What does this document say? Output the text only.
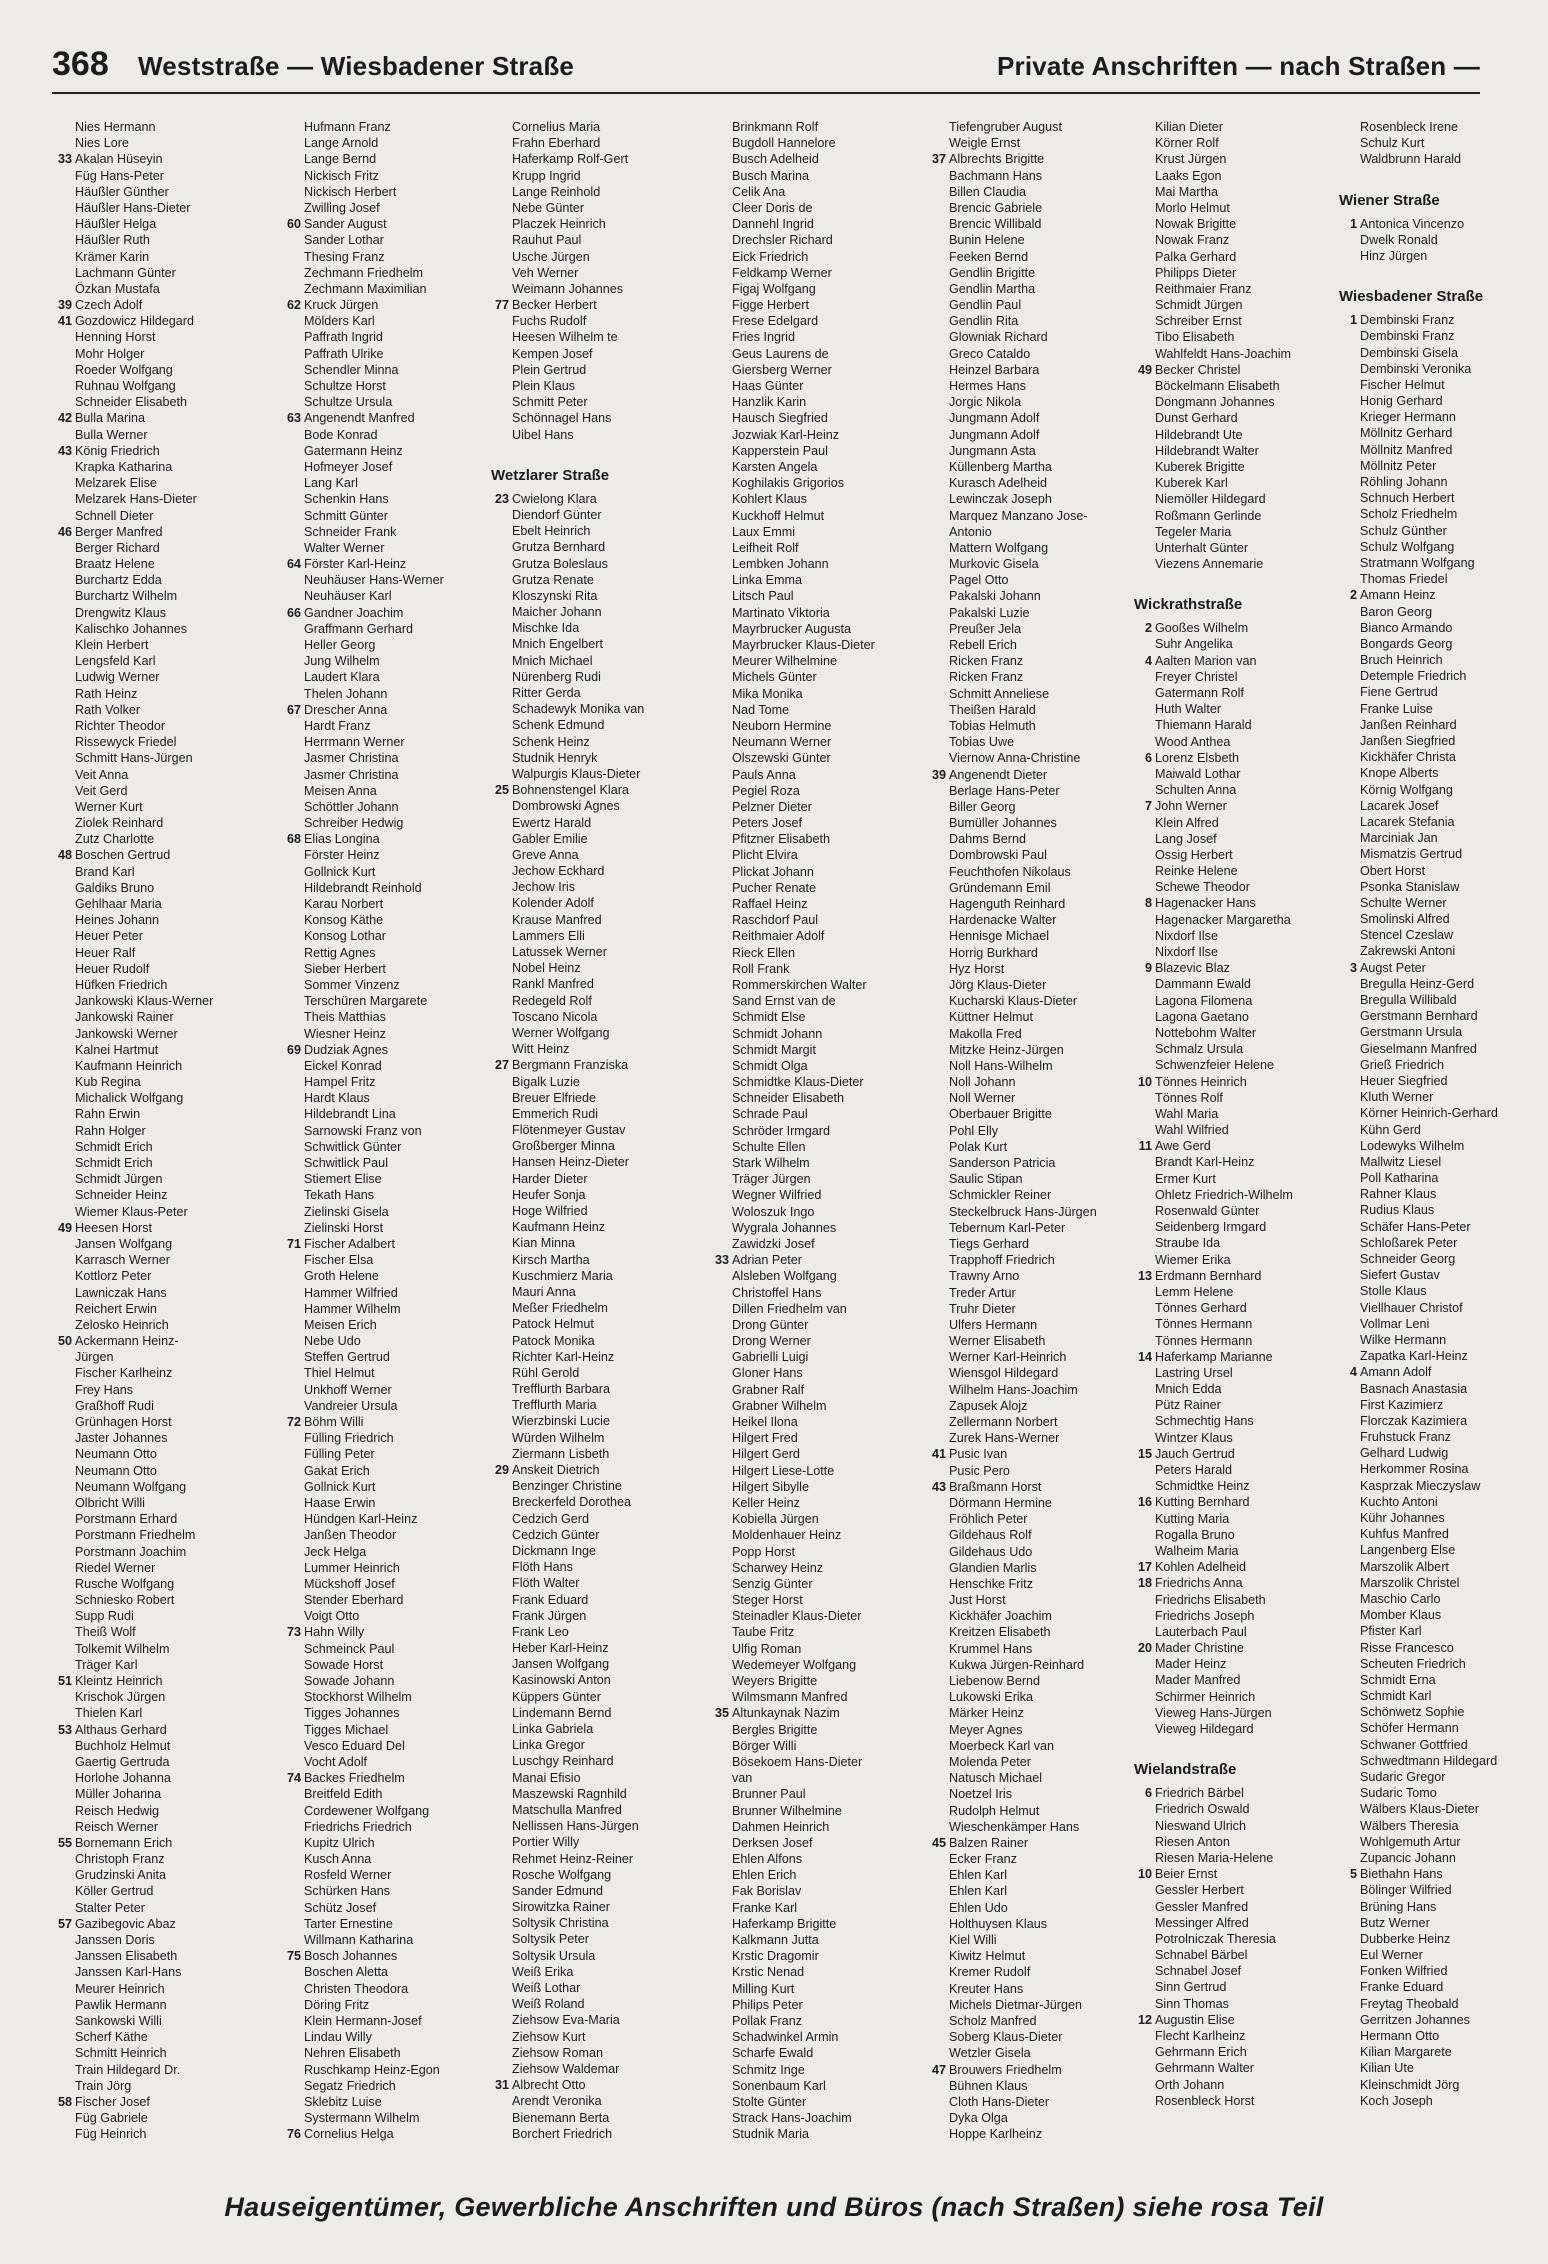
368 Weststraße — Wiesbadener Straße	Private Anschriften — nach Straßen —
Nies Hermann
Nies Lore
33 Akalan Hüseyin
Füg Hans-Peter
Häußler Günther
Häußler Hans-Dieter
Häußler Helga
Häußler Ruth
Krämer Karin
Lachmann Günter
Özkan Mustafa
39 Czech Adolf
41 Gozdowicz Hildegard
Henning Horst
Mohr Holger
Roeder Wolfgang
Ruhnau Wolfgang
Schneider Elisabeth
42 Bulla Marina
Bulla Werner
43 König Friedrich
Krapka Katharina
Melzarek Elise
Melzarek Hans-Dieter
Schnell Dieter
46 Berger Manfred
Berger Richard
Braatz Helene
Burchartz Edda
Burchartz Wilhelm
Drengwitz Klaus
Kalischko Johannes
Klein Herbert
Lengsfeld Karl
Ludwig Werner
Rath Heinz
Rath Volker
Richter Theodor
Rissewyck Friedel
Schmitt Hans-Jürgen
Veit Anna
Veit Gerd
Werner Kurt
Ziolek Reinhard
Zutz Charlotte
48 Boschen Gertrud
Brand Karl
Galdiks Bruno
Gehlhaar Maria
Heines Johann
Heuer Peter
Heuer Ralf
Heuer Rudolf
Hüfken Friedrich
Jankowski Klaus-Werner
Jankowski Rainer
Jankowski Werner
Kalnei Hartmut
Kaufmann Heinrich
Kub Regina
Michalick Wolfgang
Rahn Erwin
Rahn Holger
Schmidt Erich
Schmidt Erich
Schmidt Jürgen
Schneider Heinz
Wiemer Klaus-Peter
49 Heesen Horst
Jansen Wolfgang
Karrasch Werner
Kottlorz Peter
Lawniczak Hans
Reichert Erwin
Zelosko Heinrich
50 Ackermann Heinz-
Jürgen
Fischer Karlheinz
Frey Hans
Graßhoff Rudi
Grünhagen Horst
Jaster Johannes
Neumann Otto
Neumann Otto
Neumann Wolfgang
Olbricht Willi
Porstmann Erhard
Porstmann Friedhelm
Porstmann Joachim
Riedel Werner
Rusche Wolfgang
Schniesko Robert
Supp Rudi
Theiß Wolf
Tolkemit Wilhelm
Träger Karl
51 Kleintz Heinrich
Krischok Jürgen
Thielen Karl
53 Althaus Gerhard
Buchholz Helmut
Gaertig Gertruda
Horlohe Johanna
Müller Johanna
Reisch Hedwig
Reisch Werner
55 Bornemann Erich
Christoph Franz
Grudzinski Anita
Köller Gertrud
Stalter Peter
57 Gazibegovic Abaz
Janssen Doris
Janssen Elisabeth
Janssen Karl-Hans
Meurer Heinrich
Pawlik Hermann
Sankowski Willi
Scherf Käthe
Schmitt Heinrich
Train Hildegard Dr.
Train Jörg
58 Fischer Josef
Füg Gabriele
Füg Heinrich
Hufmann Franz
Lange Arnold
Lange Bernd
Nickisch Fritz
Nickisch Herbert
Zwilling Josef
60 Sander August
Sander Lothar
Thesing Franz
Zechmann Friedhelm
Zechmann Maximilian
62 Kruck Jürgen
Mölders Karl
Paffrath Ingrid
Paffrath Ulrike
Schendler Minna
Schultze Horst
Schultze Ursula
63 Angenendt Manfred
Bode Konrad
Gatermann Heinz
Hofmeyer Josef
Lang Karl
Schenkin Hans
Schmitt Günter
Schneider Frank
Walter Werner
64 Förster Karl-Heinz
Neuhäuser Hans-Werner
Neuhäuser Karl
66 Gandner Joachim
Graffmann Gerhard
Heller Georg
Jung Wilhelm
Laudert Klara
Thelen Johann
67 Drescher Anna
Hardt Franz
Herrmann Werner
Jasmer Christina
Jasmer Christina
Meisen Anna
Schöttler Johann
Schreiber Hedwig
68 Elias Longina
Förster Heinz
Gollnick Kurt
Hildebrandt Reinhold
Karau Norbert
Konsog Käthe
Konsog Lothar
Rettig Agnes
Sieber Herbert
Sommer Vinzenz
Terschüren Margarete
Theis Matthias
Wiesner Heinz
69 Dudziak Agnes
Eickel Konrad
Hampel Fritz
Hardt Klaus
Hildebrandt Lina
Sarnowski Franz von
Schwitlick Günter
Schwitlick Paul
Stiemert Elise
Tekath Hans
Zielinski Gisela
Zielinski Horst
71 Fischer Adalbert
Fischer Elsa
Groth Helene
Hammer Wilfried
Hammer Wilhelm
Meisen Erich
Nebe Udo
Steffen Gertrud
Thiel Helmut
Unkhoff Werner
Vandreier Ursula
72 Böhm Willi
Fülling Friedrich
Fülling Peter
Gakat Erich
Gollnick Kurt
Haase Erwin
Hündgen Karl-Heinz
Janßen Theodor
Jeck Helga
Lummer Heinrich
Mückshoff Josef
Stender Eberhard
Voigt Otto
73 Hahn Willy
Schmeinck Paul
Sowade Horst
Sowade Johann
Stockhorst Wilhelm
Tigges Johannes
Tigges Michael
Vesco Eduard Del
Vocht Adolf
74 Backes Friedhelm
Breitfeld Edith
Cordewener Wolfgang
Friedrichs Friedrich
Kupitz Ulrich
Kusch Anna
Rosfeld Werner
Schürken Hans
Schütz Josef
Tarter Ernestine
Willmann Katharina
75 Bosch Johannes
Boschen Aletta
Christen Theodora
Döring Fritz
Klein Hermann-Josef
Lindau Willy
Nehren Elisabeth
Ruschkamp Heinz-Egon
Segatz Friedrich
Sklebitz Luise
Systermann Wilhelm
76 Cornelius Helga
Cornelius Maria
Frahn Eberhard
Haferkamp Rolf-Gert
Krupp Ingrid
Lange Reinhold
Nebe Günter
Placzek Heinrich
Rauhut Paul
Usche Jürgen
Veh Werner
Weimann Johannes
77 Becker Herbert
Fuchs Rudolf
Heesen Wilhelm te
Kempen Josef
Plein Gertrud
Plein Klaus
Schmitt Peter
Schönnagel Hans
Uibel Hans
Wetzlarer Straße
23 Cwielong Klara
Diendorf Günter
Ebelt Heinrich
Grutza Bernhard
Grutza Boleslaus
Grutza Renate
Kloszynski Rita
Maicher Johann
Mischke Ida
Mnich Engelbert
Mnich Michael
Nürenberg Rudi
Ritter Gerda
Schadewyk Monika van
Schenk Edmund
Schenk Heinz
Studnik Henryk
Walpurgis Klaus-Dieter
25 Bohnenstengel Klara
Dombrowski Agnes
Ewertz Harald
Gabler Emilie
Greve Anna
Jechow Eckhard
Jechow Iris
Kolender Adolf
Krause Manfred
Lammers Elli
Latussek Werner
Nobel Heinz
Rankl Manfred
Redegeld Rolf
Toscano Nicola
Werner Wolfgang
Witt Heinz
27 Bergmann Franziska
Bigalk Luzie
Breuer Elfriede
Emmerich Rudi
Flötenmeyer Gustav
Großberger Minna
Hansen Heinz-Dieter
Harder Dieter
Heufer Sonja
Hoge Wilfried
Kaufmann Heinz
Kian Minna
Kirsch Martha
Kuschmierz Maria
Mauri Anna
Meßer Friedhelm
Patock Helmut
Patock Monika
Richter Karl-Heinz
Rühl Gerold
Trefflurth Barbara
Trefflurth Maria
Wierzbinski Lucie
Würden Wilhelm
Ziermann Lisbeth
29 Anskeit Dietrich
Benzinger Christine
Breckerfeld Dorothea
Cedzich Gerd
Cedzich Günter
Dickmann Inge
Flöth Hans
Flöth Walter
Frank Eduard
Frank Jürgen
Frank Leo
Heber Karl-Heinz
Jansen Wolfgang
Kasinowski Anton
Küppers Günter
Lindemann Bernd
Linka Gabriela
Linka Gregor
Luschgy Reinhard
Manai Efisio
Maszewski Ragnhild
Matschulla Manfred
Nellissen Hans-Jürgen
Portier Willy
Rehmet Heinz-Reiner
Rosche Wolfgang
Sander Edmund
Sirowitzka Rainer
Soltysik Christina
Soltysik Peter
Soltysik Ursula
Weiß Erika
Weiß Lothar
Weiß Roland
Ziehsow Eva-Maria
Ziehsow Kurt
Ziehsow Roman
Ziehsow Waldemar
31 Albrecht Otto
Arendt Veronika
Bienemann Berta
Borchert Friedrich
Brinkmann Rolf
Bugdoll Hannelore
Busch Adelheid
Busch Marina
Celik Ana
Cleer Doris de
Dannehl Ingrid
Drechsler Richard
Eick Friedrich
Feldkamp Werner
Figaj Wolfgang
Figge Herbert
Frese Edelgard
Fries Ingrid
Geus Laurens de
Giersberg Werner
Haas Günter
Hanzlik Karin
Hausch Siegfried
Jozwiak Karl-Heinz
Kapperstein Paul
Karsten Angela
Koghilakis Grigorios
Kohlert Klaus
Kuckhoff Helmut
Laux Emmi
Leifheit Rolf
Lembken Johann
Linka Emma
Litsch Paul
Martinato Viktoria
Mayrbrucker Augusta
Mayrbrucker Klaus-Dieter
Meurer Wilhelmine
Michels Günter
Mika Monika
Nad Tome
Neuborn Hermine
Neumann Werner
Olszewski Günter
Pauls Anna
Pegiel Roza
Pelzner Dieter
Peters Josef
Pfitzner Elisabeth
Plicht Elvira
Plickat Johann
Pucher Renate
Raffael Heinz
Raschdorf Paul
Reithmaier Adolf
Rieck Ellen
Roll Frank
Rommerskirchen Walter
Sand Ernst van de
Schmidt Else
Schmidt Johann
Schmidt Margit
Schmidt Olga
Schmidtke Klaus-Dieter
Schneider Elisabeth
Schrade Paul
Schröder Irmgard
Schulte Ellen
Stark Wilhelm
Träger Jürgen
Wegner Wilfried
Woloszuk Ingo
Wygrala Johannes
Zawidzki Josef
33 Adrian Peter
Alsleben Wolfgang
Christoffel Hans
Dillen Friedhelm van
Drong Günter
Drong Werner
Gabrielli Luigi
Gloner Hans
Grabner Ralf
Grabner Wilhelm
Heikel Ilona
Hilgert Fred
Hilgert Gerd
Hilgert Liese-Lotte
Hilgert Sibylle
Keller Heinz
Kobiella Jürgen
Moldenhauer Heinz
Popp Horst
Scharwey Heinz
Senzig Günter
Steger Horst
Steinadler Klaus-Dieter
Taube Fritz
Ulfig Roman
Wedemeyer Wolfgang
Weyers Brigitte
Wilmsmann Manfred
35 Altunkaynak Nazim
Bergles Brigitte
Börger Willi
Bösekoem Hans-Dieter
van
Brunner Paul
Brunner Wilhelmine
Dahmen Heinrich
Derksen Josef
Ehlen Alfons
Ehlen Erich
Fak Borislav
Franke Karl
Haferkamp Brigitte
Kalkmann Jutta
Krstic Dragomir
Krstic Nenad
Milling Kurt
Philips Peter
Pollak Franz
Schadwinkel Armin
Scharfe Ewald
Schmitz Inge
Sonenbaum Karl
Stolte Günter
Strack Hans-Joachim
Studnik Maria
Tiefengruber August
Weigle Ernst
37 Albrechts Brigitte
Bachmann Hans
Billen Claudia
Brencic Gabriele
Brencic Willibald
Bunin Helene
Feeken Bernd
Gendlin Brigitte
Gendlin Martha
Gendlin Paul
Gendlin Rita
Glowniak Richard
Greco Cataldo
Heinzel Barbara
Hermes Hans
Jorgic Nikola
Jungmann Adolf
Jungmann Adolf
Jungmann Asta
Küllenberg Martha
Kurasch Adelheid
Lewinczak Joseph
Marquez Manzano Jose-
Antonio
Mattern Wolfgang
Murkovic Gisela
Pagel Otto
Pakalski Johann
Pakalski Luzie
Preußer Jela
Rebell Erich
Ricken Franz
Ricken Franz
Schmitt Anneliese
Theißen Harald
Tobias Helmuth
Tobias Uwe
Viernow Anna-Christine
39 Angenendt Dieter
Berlage Hans-Peter
Biller Georg
Bumüller Johannes
Dahms Bernd
Dombrowski Paul
Feuchthofen Nikolaus
Gründemann Emil
Hagenguth Reinhard
Hardenacke Walter
Hennisge Michael
Horrig Burkhard
Hyz Horst
Jörg Klaus-Dieter
Kucharski Klaus-Dieter
Küttner Helmut
Makolla Fred
Mitzke Heinz-Jürgen
Noll Hans-Wilhelm
Noll Johann
Noll Werner
Oberbauer Brigitte
Pohl Elly
Polak Kurt
Sanderson Patricia
Saulic Stipan
Schmickler Reiner
Steckelbruck Hans-Jürgen
Tebernum Karl-Peter
Tiegs Gerhard
Trapphoff Friedrich
Trawny Arno
Treder Artur
Truhr Dieter
Ulfers Hermann
Werner Elisabeth
Werner Karl-Heinrich
Wiensgol Hildegard
Wilhelm Hans-Joachim
Zapusek Alojz
Zellermann Norbert
Zurek Hans-Werner
41 Pusic Ivan
Pusic Pero
43 Braßmann Horst
Dörmann Hermine
Fröhlich Peter
Gildehaus Rolf
Gildehaus Udo
Glandien Marlis
Henschke Fritz
Just Horst
Kickhäfer Joachim
Kreitzen Elisabeth
Krummel Hans
Kukwa Jürgen-Reinhard
Liebenow Bernd
Lukowski Erika
Märker Heinz
Meyer Agnes
Moerbeck Karl van
Molenda Peter
Natusch Michael
Noetzel Iris
Rudolph Helmut
Wieschenkämper Hans
45 Balzen Rainer
Ecker Franz
Ehlen Karl
Ehlen Karl
Ehlen Udo
Holthuysen Klaus
Kiel Willi
Kiwitz Helmut
Kremer Rudolf
Kreuter Hans
Michels Dietmar-Jürgen
Scholz Manfred
Soberg Klaus-Dieter
Wetzler Gisela
47 Brouwers Friedhelm
Bühnen Klaus
Cloth Hans-Dieter
Dyka Olga
Hoppe Karlheinz
Kilian Dieter
Körner Rolf
Krust Jürgen
Laaks Egon
Mai Martha
Morlo Helmut
Nowak Brigitte
Nowak Franz
Palka Gerhard
Philipps Dieter
Reithmaier Franz
Schmidt Jürgen
Schreiber Ernst
Tibo Elisabeth
Wahlfeldt Hans-Joachim
49 Becker Christel
Böckelmann Elisabeth
Dongmann Johannes
Dunst Gerhard
Hildebrandt Ute
Hildebrandt Walter
Kuberek Brigitte
Kuberek Karl
Niemöller Hildegard
Roßmann Gerlinde
Tegeler Maria
Unterhalt Günter
Viezens Annemarie
Wickrathstraße
2 Gooßes Wilhelm
Suhr Angelika
4 Aalten Marion van
Freyer Christel
Gatermann Rolf
Huth Walter
Thiemann Harald
Wood Anthea
6 Lorenz Elsbeth
Maiwald Lothar
Schulten Anna
7 John Werner
Klein Alfred
Lang Josef
Ossig Herbert
Reinke Helene
Schewe Theodor
8 Hagenacker Hans
Hagenacker Margaretha
Nixdorf Ilse
Nixdorf Ilse
9 Blazevic Blaz
Dammann Ewald
Lagona Filomena
Lagona Gaetano
Nottebohm Walter
Schmalz Ursula
Schwenzfeier Helene
10 Tönnes Heinrich
Tönnes Rolf
Wahl Maria
Wahl Wilfried
11 Awe Gerd
Brandt Karl-Heinz
Ermer Kurt
Ohletz Friedrich-Wilhelm
Rosenwald Günter
Seidenberg Irmgard
Straube Ida
Wiemer Erika
13 Erdmann Bernhard
Lemm Helene
Tönnes Gerhard
Tönnes Hermann
Tönnes Hermann
14 Haferkamp Marianne
Lastring Ursel
Mnich Edda
Pütz Rainer
Schmechtig Hans
Wintzer Klaus
15 Jauch Gertrud
Peters Harald
Schmidtke Heinz
16 Kutting Bernhard
Kutting Maria
Rogalla Bruno
Walheim Maria
17 Kohlen Adelheid
18 Friedrichs Anna
Friedrichs Elisabeth
Friedrichs Joseph
Lauterbach Paul
20 Mader Christine
Mader Heinz
Mader Manfred
Schirmer Heinrich
Vieweg Hans-Jürgen
Vieweg Hildegard
Wielandstraße
6 Friedrich Bärbel
Friedrich Oswald
Nieswand Ulrich
Riesen Anton
Riesen Maria-Helene
10 Beier Ernst
Gessler Herbert
Gessler Manfred
Messinger Alfred
Potrolniczak Theresia
Schnabel Bärbel
Schnabel Josef
Sinn Gertrud
Sinn Thomas
12 Augustin Elise
Flecht Karlheinz
Gehrmann Erich
Gehrmann Walter
Orth Johann
Rosenbleck Horst
Rosenbleck Irene
Schulz Kurt
Waldbrunn Harald
Wiener Straße
1 Antonica Vincenzo
Dwelk Ronald
Hinz Jürgen
Wiesbadener Straße
1 Dembinski Franz
Dembinski Franz
Dembinski Gisela
Dembinski Veronika
Fischer Helmut
Honig Gerhard
Krieger Hermann
Möllnitz Gerhard
Möllnitz Manfred
Möllnitz Peter
Röhling Johann
Schnuch Herbert
Scholz Friedhelm
Schulz Günther
Schulz Wolfgang
Stratmann Wolfgang
Thomas Friedel
2 Amann Heinz
Baron Georg
Bianco Armando
Bongards Georg
Bruch Heinrich
Detemple Friedrich
Fiene Gertrud
Franke Luise
Janßen Reinhard
Janßen Siegfried
Kickhäfer Christa
Knope Alberts
Körnig Wolfgang
Lacarek Josef
Lacarek Stefania
Marciniak Jan
Mismatzis Gertrud
Obert Horst
Psonka Stanislaw
Schulte Werner
Smolinski Alfred
Stencel Czeslaw
Zakrewski Antoni
3 Augst Peter
Bregulla Heinz-Gerd
Bregulla Willibald
Gerstmann Bernhard
Gerstmann Ursula
Gieselmann Manfred
Grieß Friedrich
Heuer Siegfried
Kluth Werner
Körner Heinrich-Gerhard
Kühn Gerd
Lodewyks Wilhelm
Mallwitz Liesel
Poll Katharina
Rahner Klaus
Rudius Klaus
Schäfer Hans-Peter
Schloßarek Peter
Schneider Georg
Siefert Gustav
Stolle Klaus
Viellhauer Christof
Vollmar Leni
Wilke Hermann
Zapatka Karl-Heinz
4 Amann Adolf
Basnach Anastasia
First Kazimierz
Florczak Kazimiera
Fruhstuck Franz
Gelhard Ludwig
Herkommer Rosina
Kasprzak Mieczyslaw
Kuchto Antoni
Kühr Johannes
Kuhfus Manfred
Langenberg Else
Marszolik Albert
Marszolik Christel
Maschio Carlo
Momber Klaus
Pfister Karl
Risse Francesco
Scheuten Friedrich
Schmidt Erna
Schmidt Karl
Schönwetz Sophie
Schöfer Hermann
Schwaner Gottfried
Schwedtmann Hildegard
Sudaric Gregor
Sudaric Tomo
Wälbers Klaus-Dieter
Wälbers Theresia
Wohlgemuth Artur
Zupancic Johann
5 Biethahn Hans
Bölinger Wilfried
Brüning Hans
Butz Werner
Dubberke Heinz
Eul Werner
Fonken Wilfried
Franke Eduard
Freytag Theobald
Gerritzen Johannes
Hermann Otto
Kilian Margarete
Kilian Ute
Kleinschmidt Jörg
Koch Joseph
Hauseigentümer, Gewerbliche Anschriften und Büros (nach Straßen) siehe rosa Teil
